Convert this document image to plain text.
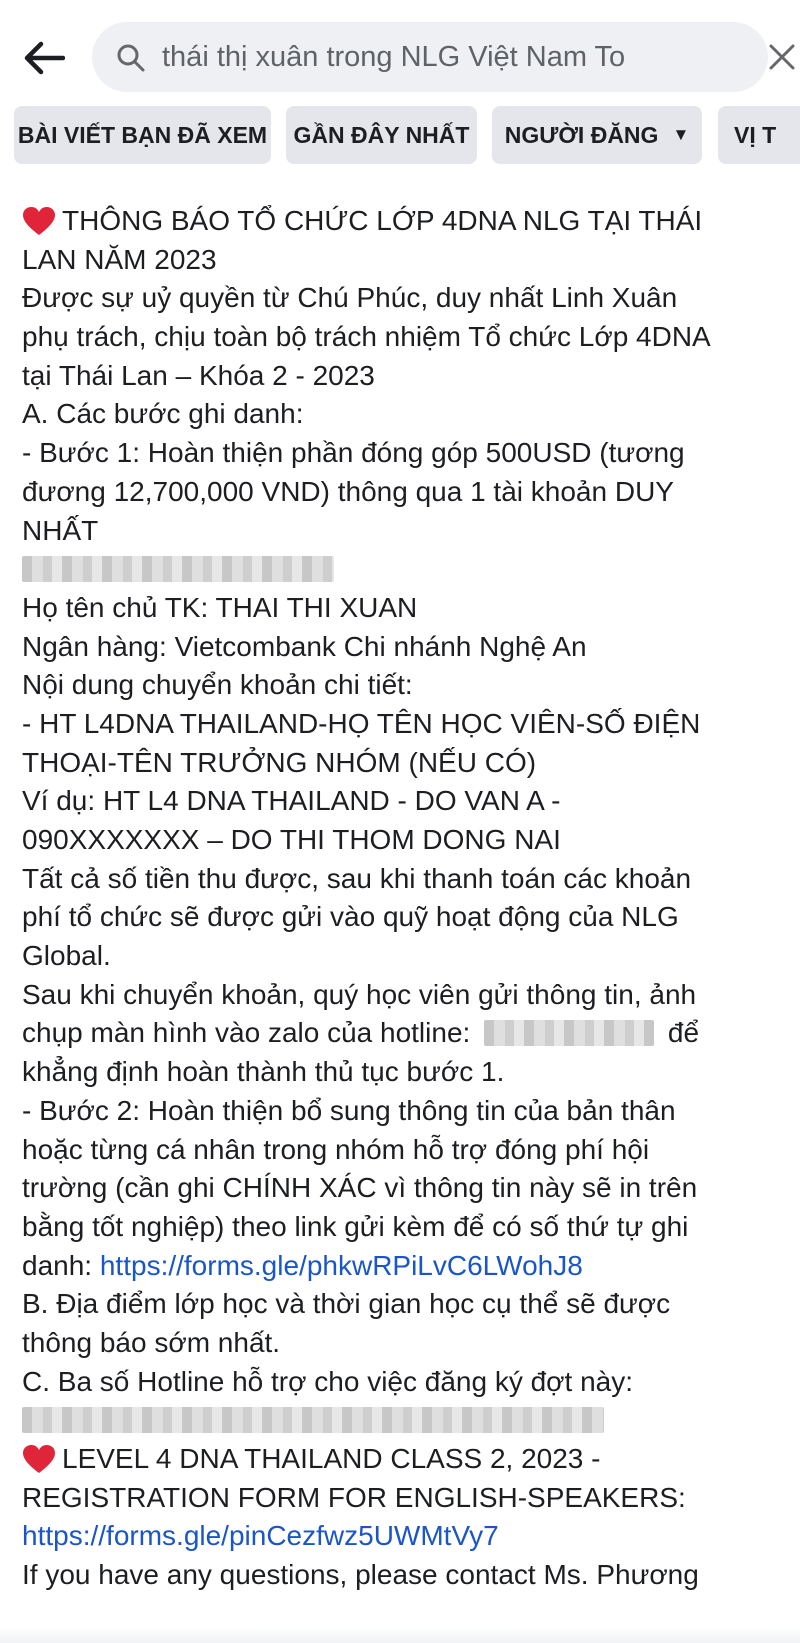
thái thị xuân trong NLG Việt Nam To
BÀI VIẾT BẠN ĐÃ XEM GẦN ĐÂY NHẤT NGƯỜI ĐĂNG ▼ VỊ T
THÔNG BÁO TỔ CHỨC LỚP 4DNA NLG TẠI THÁI
LAN NĂM 2023
Được sự uỷ quyền từ Chú Phúc, duy nhất Linh Xuân
phụ trách, chịu toàn bộ trách nhiệm Tổ chức Lớp 4DNA
tại Thái Lan – Khóa 2 - 2023
A. Các bước ghi danh:
- Bước 1: Hoàn thiện phần đóng góp 500USD (tương
đương 12,700,000 VND) thông qua 1 tài khoản DUY
NHẤT
Họ tên chủ TK: THAI THI XUAN
Ngân hàng: Vietcombank Chi nhánh Nghệ An
Nội dung chuyển khoản chi tiết:
- HT L4DNA THAILAND-HỌ TÊN HỌC VIÊN-SỐ ĐIỆN
THOẠI-TÊN TRƯỞNG NHÓM (NẾU CÓ)
Ví dụ: HT L4 DNA THAILAND - DO VAN A -
090XXXXXXX – DO THI THOM DONG NAI
Tất cả số tiền thu được, sau khi thanh toán các khoản
phí tổ chức sẽ được gửi vào quỹ hoạt động của NLG
Global.
Sau khi chuyển khoản, quý học viên gửi thông tin, ảnh
chụp màn hình vào zalo của hotline:	để
khẳng định hoàn thành thủ tục bước 1.
- Bước 2: Hoàn thiện bổ sung thông tin của bản thân
hoặc từng cá nhân trong nhóm hỗ trợ đóng phí hội
trường (cần ghi CHÍNH XÁC vì thông tin này sẽ in trên
bằng tốt nghiệp) theo link gửi kèm để có số thứ tự ghi
danh: https://forms.gle/phkwRPiLvC6LWohJ8
B. Địa điểm lớp học và thời gian học cụ thể sẽ được
thông báo sớm nhất.
C. Ba số Hotline hỗ trợ cho việc đăng ký đợt này:
LEVEL 4 DNA THAILAND CLASS 2, 2023 -
REGISTRATION FORM FOR ENGLISH-SPEAKERS:
https://forms.gle/pinCezfwz5UWMtVy7
If you have any questions, please contact Ms. Phương
